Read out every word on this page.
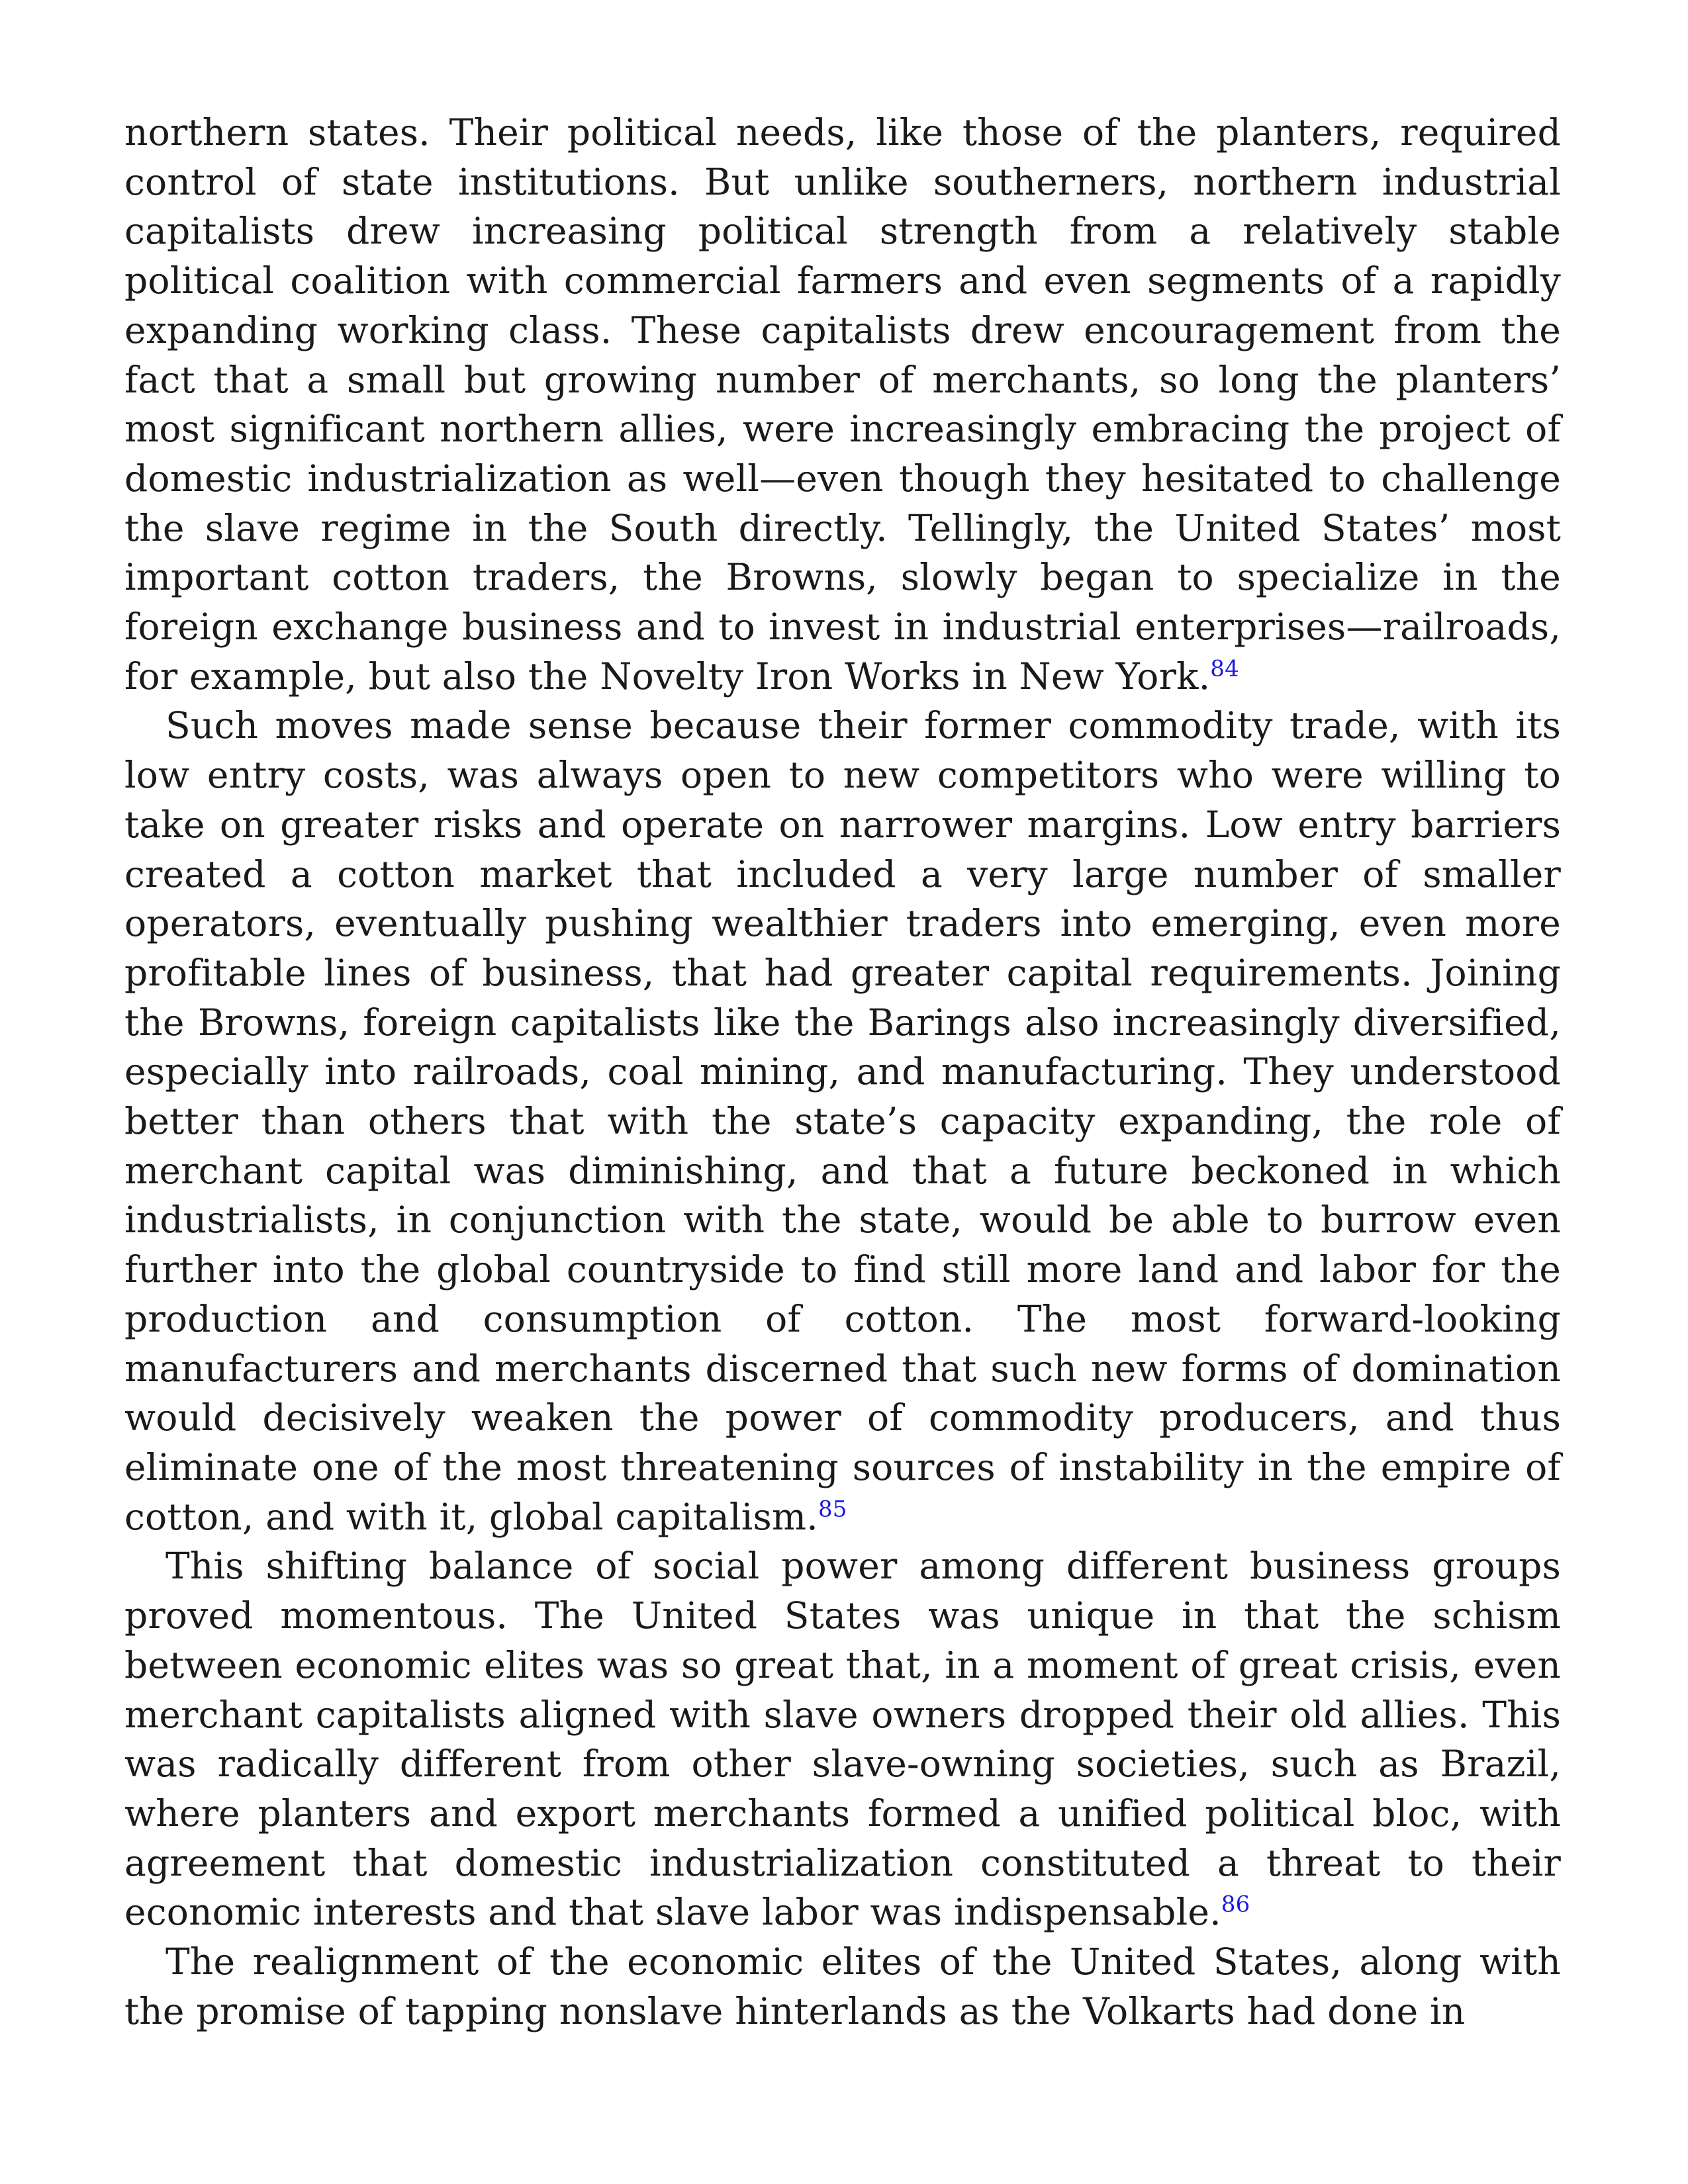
northern states. Their political needs, like those of the planters, required control of state institutions. But unlike southerners, northern industrial capitalists drew increasing political strength from a relatively stable political coalition with commercial farmers and even segments of a rapidly expanding working class. These capitalists drew encouragement from the fact that a small but growing number of merchants, so long the planters’ most significant northern allies, were increasingly embracing the project of domestic industrialization as well—even though they hesitated to challenge the slave regime in the South directly. Tellingly, the United States’ most important cotton traders, the Browns, slowly began to specialize in the foreign exchange business and to invest in industrial enterprises—railroads, for example, but also the Novelty Iron Works in New York.$^{84}$

Such moves made sense because their former commodity trade, with its low entry costs, was always open to new competitors who were willing to take on greater risks and operate on narrower margins. Low entry barriers created a cotton market that included a very large number of smaller operators, eventually pushing wealthier traders into emerging, even more profitable lines of business, that had greater capital requirements. Joining the Browns, foreign capitalists like the Barings also increasingly diversified, especially into railroads, coal mining, and manufacturing. They understood better than others that with the state’s capacity expanding, the role of merchant capital was diminishing, and that a future beckoned in which industrialists, in conjunction with the state, would be able to burrow even further into the global countryside to find still more land and labor for the production and consumption of cotton. The most forward-looking manufacturers and merchants discerned that such new forms of domination would decisively weaken the power of commodity producers, and thus eliminate one of the most threatening sources of instability in the empire of cotton, and with it, global capitalism.$^{85}$

This shifting balance of social power among different business groups proved momentous. The United States was unique in that the schism between economic elites was so great that, in a moment of great crisis, even merchant capitalists aligned with slave owners dropped their old allies. This was radically different from other slave-owning societies, such as Brazil, where planters and export merchants formed a unified political bloc, with agreement that domestic industrialization constituted a threat to their economic interests and that slave labor was indispensable.$^{86}$

The realignment of the economic elites of the United States, along with the promise of tapping nonslave hinterlands as the Volkarts had done in
